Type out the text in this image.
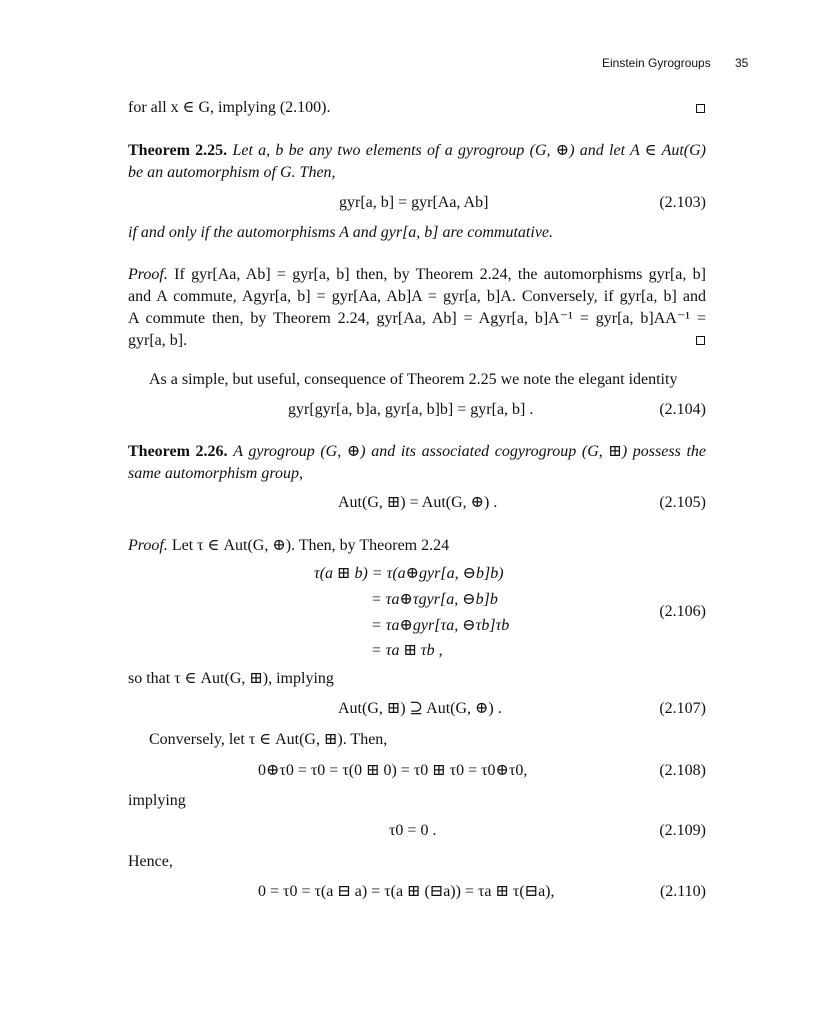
Einstein Gyrogroups 35
for all x ∈ G, implying (2.100).
Theorem 2.25. Let a, b be any two elements of a gyrogroup (G, ⊕) and let A ∈ Aut(G)
be an automorphism of G. Then,
gyr[a, b] = gyr[Aa, Ab]	(2.103)
if and only if the automorphisms A and gyr[a, b] are commutative.
Proof. If gyr[Aa, Ab] = gyr[a, b] then, by Theorem 2.24, the automorphisms gyr[a, b]
and A commute, Agyr[a, b] = gyr[Aa, Ab]A = gyr[a, b]A. Conversely, if gyr[a, b] and
A commute then, by Theorem 2.24, gyr[Aa, Ab] = Agyr[a, b]A⁻¹ = gyr[a, b]AA⁻¹ =
gyr[a, b].
As a simple, but useful, consequence of Theorem 2.25 we note the elegant identity
gyr[gyr[a, b]a, gyr[a, b]b] = gyr[a, b] .	(2.104)
Theorem 2.26. A gyrogroup (G, ⊕) and its associated cogyrogroup (G, ⊞) possess the
same automorphism group,
Aut(G, ⊞) = Aut(G, ⊕) .	(2.105)
Proof. Let τ ∈ Aut(G, ⊕). Then, by Theorem 2.24
τ(a ⊞ b) = τ(a⊕gyr[a, ⊖b]b)
= τa⊕τgyr[a, ⊖b]b
= τa⊕gyr[τa, ⊖τb]τb
= τa ⊞ τb ,
(2.106)
so that τ ∈ Aut(G, ⊞), implying
Aut(G, ⊞) ⊇ Aut(G, ⊕) .	(2.107)
Conversely, let τ ∈ Aut(G, ⊞). Then,
0⊕τ0 = τ0 = τ(0 ⊞ 0) = τ0 ⊞ τ0 = τ0⊕τ0,	(2.108)
implying
τ0 = 0 .	(2.109)
Hence,
0 = τ0 = τ(a ⊟ a) = τ(a ⊞ (⊟a)) = τa ⊞ τ(⊟a),	(2.110)
